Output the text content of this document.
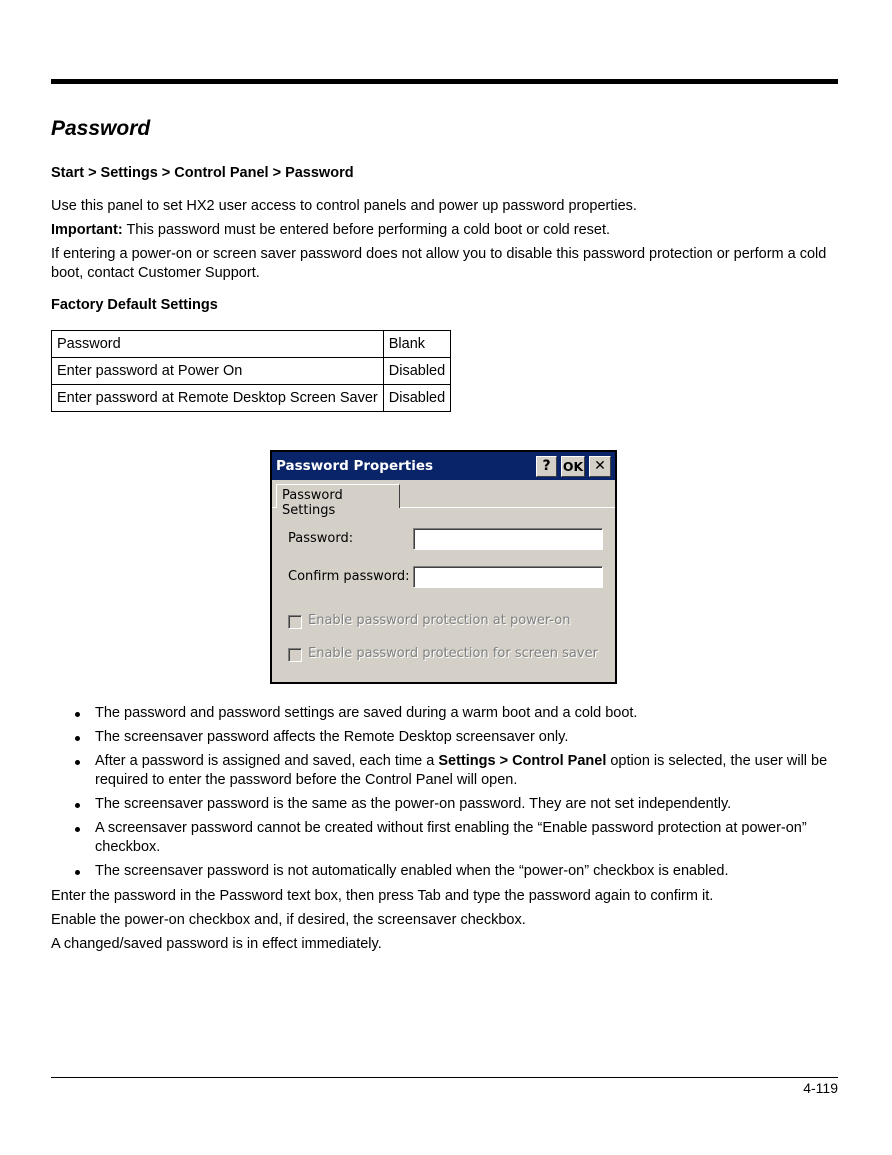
Password
Start > Settings > Control Panel > Password

Use this panel to set HX2 user access to control panels and power up password properties.

Important: This password must be entered before performing a cold boot or cold reset.

If entering a power-on or screen saver password does not allow you to disable this password protection or perform a cold boot, contact Customer Support.

Factory Default Settings
Password	Blank
Enter password at Power On	Disabled
Enter password at Remote Desktop Screen Saver	Disabled
Password Properties	? OK ✕
Password Settings
Password:
Confirm password:
Enable password protection at power-on
Enable password protection for screen saver
The password and password settings are saved during a warm boot and a cold boot.
The screensaver password affects the Remote Desktop screensaver only.
After a password is assigned and saved, each time a Settings > Control Panel option is selected, the user will be required to enter the password before the Control Panel will open.
The screensaver password is the same as the power-on password. They are not set independently.
A screensaver password cannot be created without first enabling the “Enable password protection at power-on” checkbox.
The screensaver password is not automatically enabled when the “power-on” checkbox is enabled.

Enter the password in the Password text box, then press Tab and type the password again to confirm it.

Enable the power-on checkbox and, if desired, the screensaver checkbox.

A changed/saved password is in effect immediately.

4-119
